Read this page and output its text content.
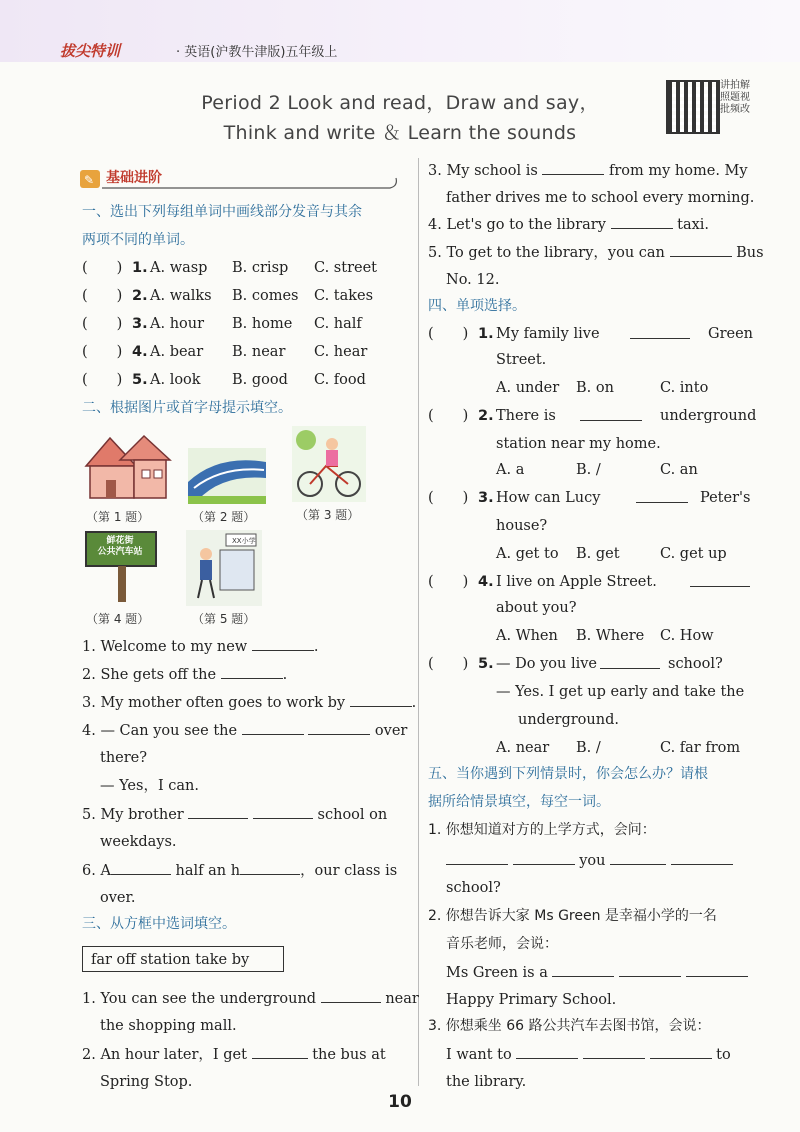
拔尖特训	· 英语(沪教牛津版)五年级上
Period 2 Look and read，Draw and say，
Think and write ＆ Learn the sounds
讲拍解照题视批频改
✎ 基础进阶
一、选出下列每组单词中画线部分发音与其余
两项不同的单词。
(　　) 1. A. wasp B. crisp C. street
(　　) 2. A. walks B. comes C. takes
(　　) 3. A. hour B. home C. half
(　　) 4. A. bear B. near C. hear
(　　) 5. A. look B. good C. food
二、根据图片或首字母提示填空。
（第 1 题）	（第 2 题）	（第 3 题）
鲜花街
公共汽车站
XX小学
（第 4 题）	（第 5 题）
1. Welcome to my new	.
2. She gets off the	.
3. My mother often goes to work by	.
4. — Can you see the	over
there?
— Yes，I can.
5. My brother	school on
weekdays.
6. A	half an h	，our class is
over.
三、从方框中选词填空。
far off station take by
1. You can see the underground	near
the shopping mall.
2. An hour later，I get	the bus at
Spring Stop.
3. My school is	from my home. My
father drives me to school every morning.
4. Let's go to the library	taxi.
5. To get to the library，you can	Bus
No. 12.
四、单项选择。
(　　) 1. My family live	Green
Street.
A. under B. on	C. into
(　　) 2. There is	underground
station near my home.
A. a	B. /	C. an
(　　) 3. How can Lucy	Peter's
house?
A. get to B. get	C. get up
(　　) 4. I live on Apple Street.
about you?
A. When B. Where C. How
(　　) 5. — Do you live	school?
— Yes. I get up early and take the
underground.
A. near B. /	C. far from
五、当你遇到下列情景时，你会怎么办？请根
据所给情景填空，每空一词。
1. 你想知道对方的上学方式，会问：
you
school?
2. 你想告诉大家 Ms Green 是幸福小学的一名
音乐老师，会说：
Ms Green is a
Happy Primary School.
3. 你想乘坐 66 路公共汽车去图书馆，会说：
I want to	to
the library.
10
